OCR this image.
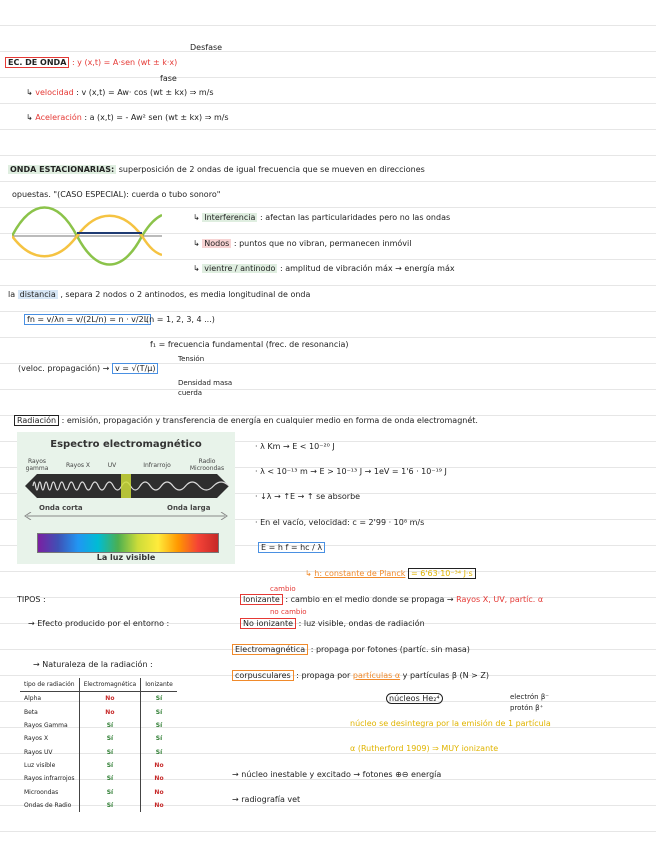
Desfase
EC. DE ONDA : y (x,t) = A·sen (wt ± k·x)
fase
↳ velocidad : v (x,t) = Aw· cos (wt ± kx) ⇒ m/s
↳ Aceleración : a (x,t) = - Aw² sen (wt ± kx) ⇒ m/s
ONDA ESTACIONARIAS: superposición de 2 ondas de igual frecuencia que se mueven en direcciones
opuestas. "(CASO ESPECIAL): cuerda o tubo sonoro"
↳ Interferencia : afectan las particularidades pero no las ondas
↳ Nodos : puntos que no vibran, permanecen inmóvil
↳ vientre / antinodo : amplitud de vibración máx → energía máx
la distancia , separa 2 nodos o 2 antinodos, es media longitudinal de onda
fn = v/λn = v/(2L/n) = n · v/2L
(n = 1, 2, 3, 4 ...)
f₁ = frecuencia fundamental (frec. de resonancia)
(veloc. propagación) → v = √(T/μ)
Tensión
Densidad masa cuerda
Radiación : emisión, propagación y transferencia de energía en cualquier medio en forma de onda electromagnét.
Espectro electromagnético
Rayos gamma	Rayos X	UV	Infrarrojo
Radio Microondas
Onda corta	Onda larga
La luz visible
· λ Km → E < 10⁻²⁰ J
· λ < 10⁻¹³ m → E > 10⁻¹³ J → 1eV = 1'6 · 10⁻¹⁹ J
· ↓λ → ↑E → ↑ se absorbe
· En el vacío, velocidad: c = 2'99 · 10⁸ m/s
E = h f = hc / λ
↳ h: constante de Planck = 6'63·10⁻³⁴ J·s
TIPOS :
→ Efecto producido por el entorno :
cambio
Ionizante : cambio en el medio donde se propaga → Rayos X, UV, partíc. α
no cambio
No ionizante : luz visible, ondas de radiación
→ Naturaleza de la radiación :
Electromagnética : propaga por fotones (partíc. sin masa)
corpusculares : propaga por partículas α y partículas β (N > Z)
núcleos He₂⁴	electrón β⁻
protón β⁺
núcleo se desintegra por la emisión de 1 partícula
α (Rutherford 1909) ⇒ MUY ionizante
→ núcleo inestable y excitado → fotones ⊕⊖ energía
→ radiografía vet
tipo de radiación	Electromagnética	Ionizante
Alpha	No	Sí
Beta	No	Sí
Rayos Gamma	Sí	Sí
Rayos X	Sí	Sí
Rayos UV	Sí	Sí
Luz visible	Sí	No
Rayos infrarrojos	Sí	No
Microondas	Sí	No
Ondas de Radio	Sí	No
